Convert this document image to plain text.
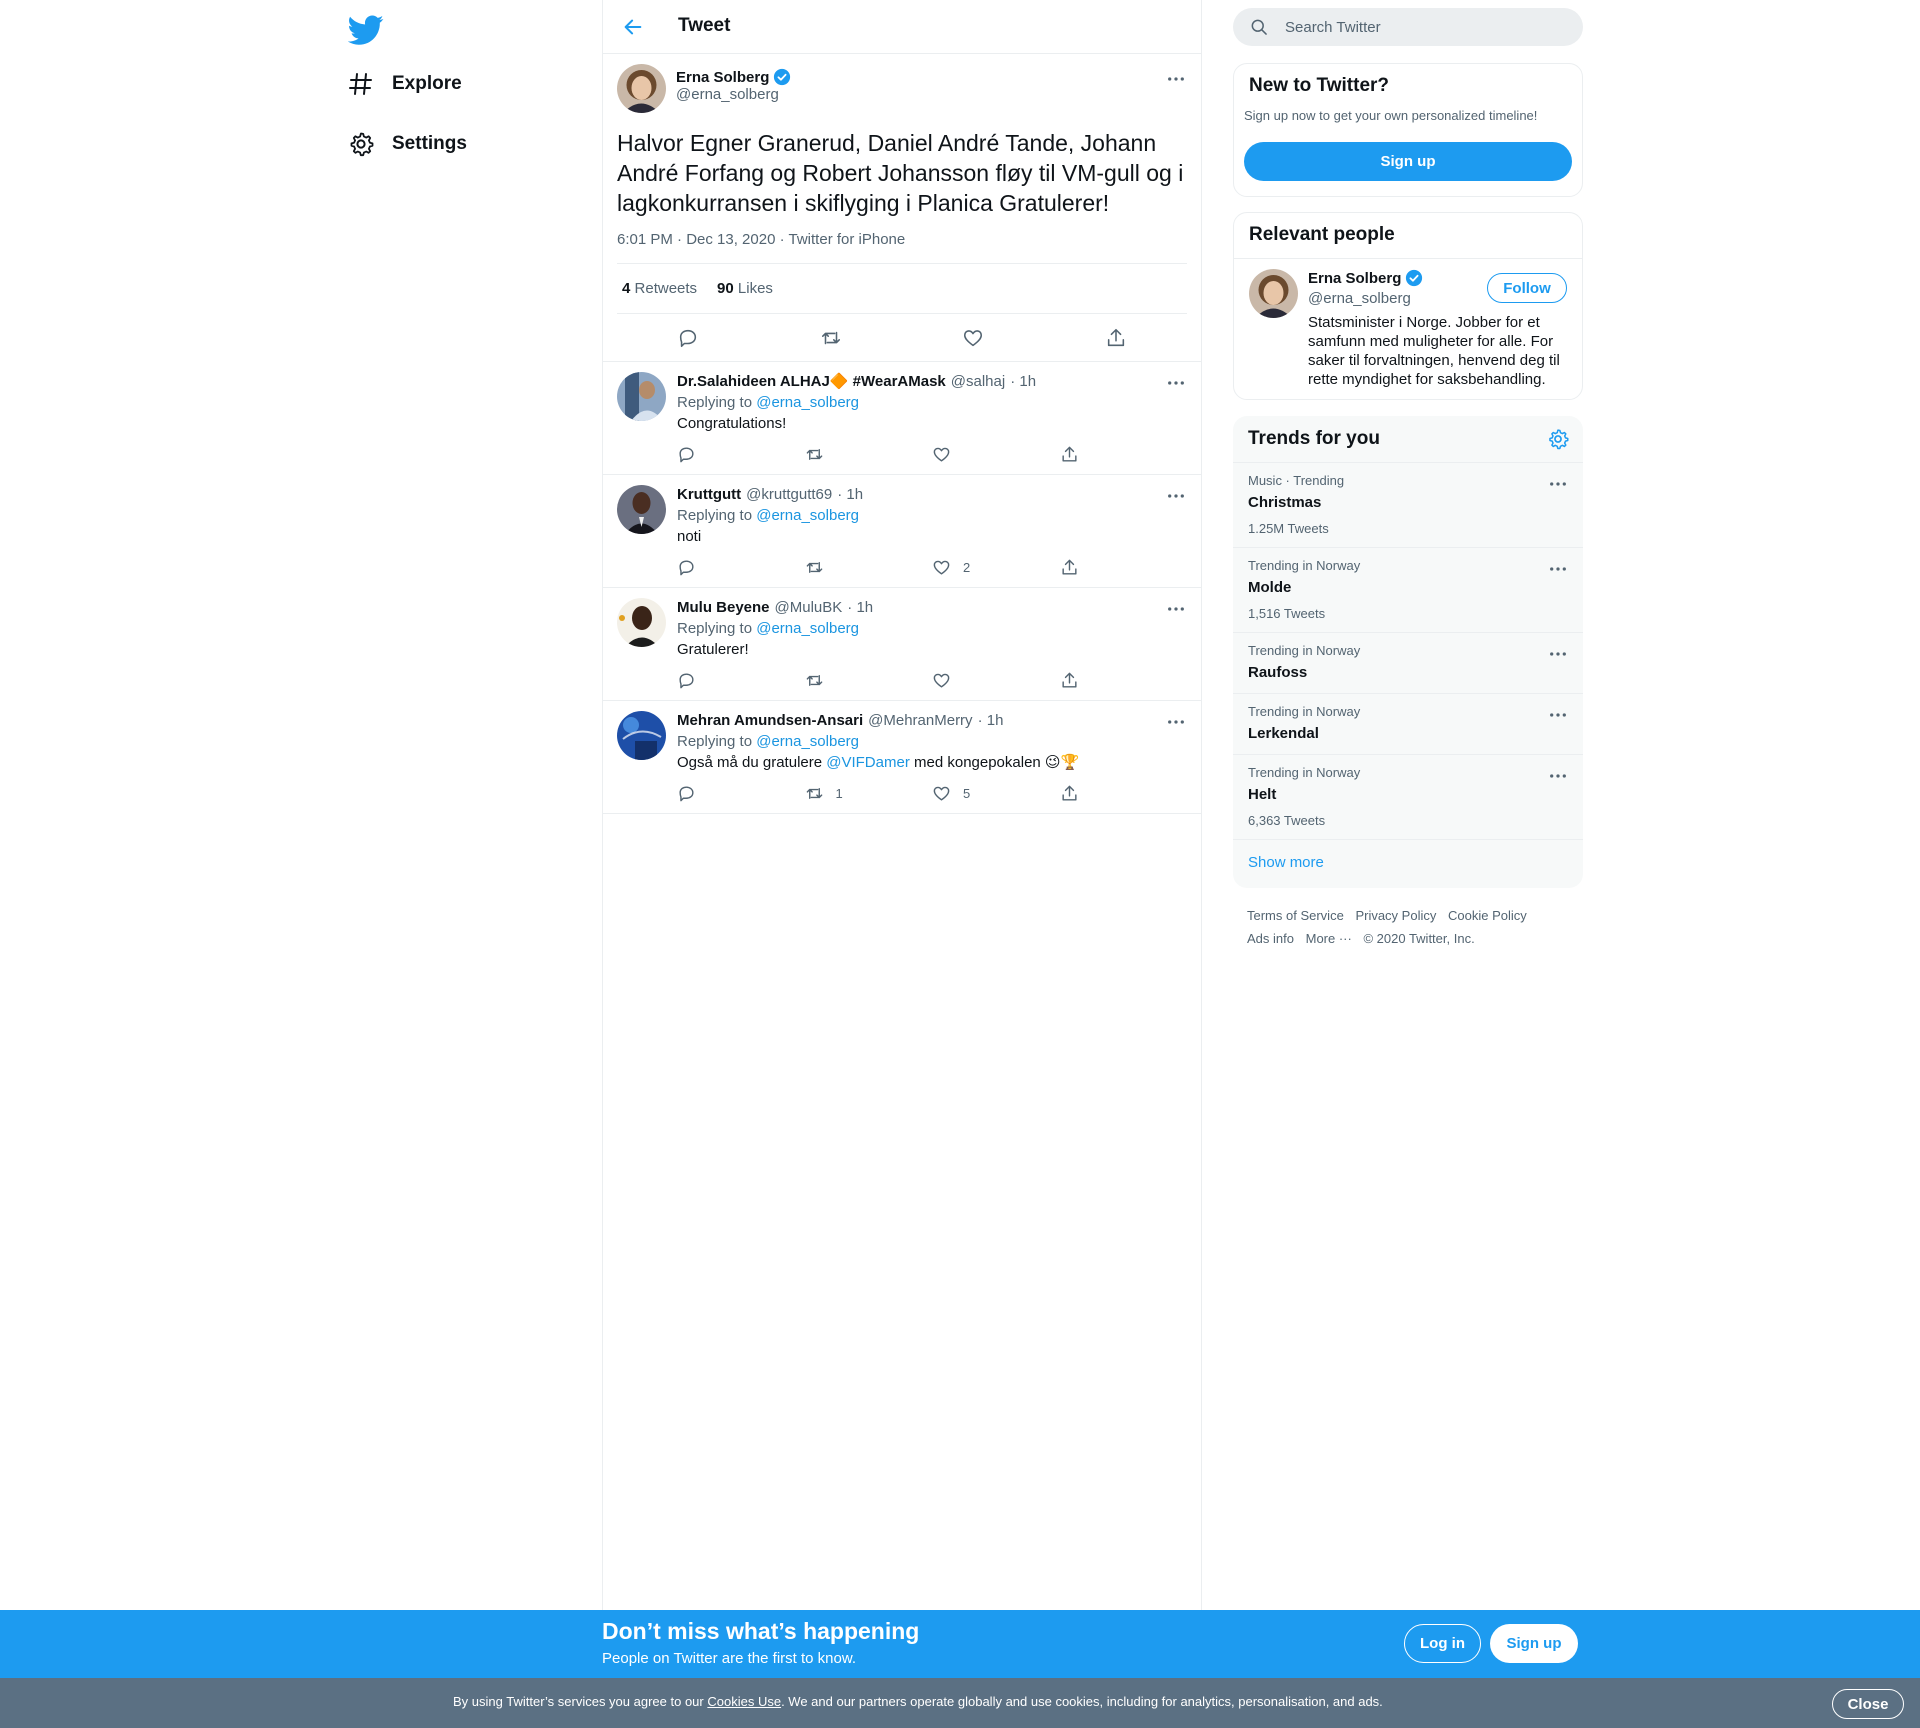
Explore
Settings
Tweet
Erna Solberg
@erna_solberg
Halvor Egner Granerud, Daniel André Tande, Johann André Forfang og Robert Johansson fløy til VM-gull og i lagkonkurransen i skiflyging i Planica Gratulerer!
6:01 PM · Dec 13, 2020 · Twitter for iPhone
4 Retweets 90 Likes
Dr.Salahideen ALHAJ🔶 #WearAMask @salhaj · 1h
Replying to @erna_solberg
Congratulations!
Kruttgutt @kruttgutt69 · 1h
Replying to @erna_solberg
noti
2
Mulu Beyene @MuluBK · 1h
Replying to @erna_solberg
Gratulerer!
Mehran Amundsen-Ansari @MehranMerry · 1h
Replying to @erna_solberg
Også må du gratulere @VIFDamer med kongepokalen 😉🏆
1	5
Search Twitter
New to Twitter?
Sign up now to get your own personalized timeline!
Sign up
Relevant people
Erna Solberg
@erna_solberg
Follow
Statsminister i Norge. Jobber for et samfunn med muligheter for alle. For saker til forvaltningen, henvend deg til rette myndighet for saksbehandling.
Trends for you
Music · Trending
Christmas
1.25M Tweets
Trending in Norway
Molde
1,516 Tweets
Trending in Norway
Raufoss
Trending in Norway
Lerkendal
Trending in Norway
Helt
6,363 Tweets
Show more
Terms of Service Privacy Policy Cookie Policy
Ads info More ··· © 2020 Twitter, Inc.
Don’t miss what’s happening
People on Twitter are the first to know.
Log in	Sign up
By using Twitter’s services you agree to our Cookies Use. We and our partners operate globally and use cookies, including for analytics, personalisation, and ads.	Close
